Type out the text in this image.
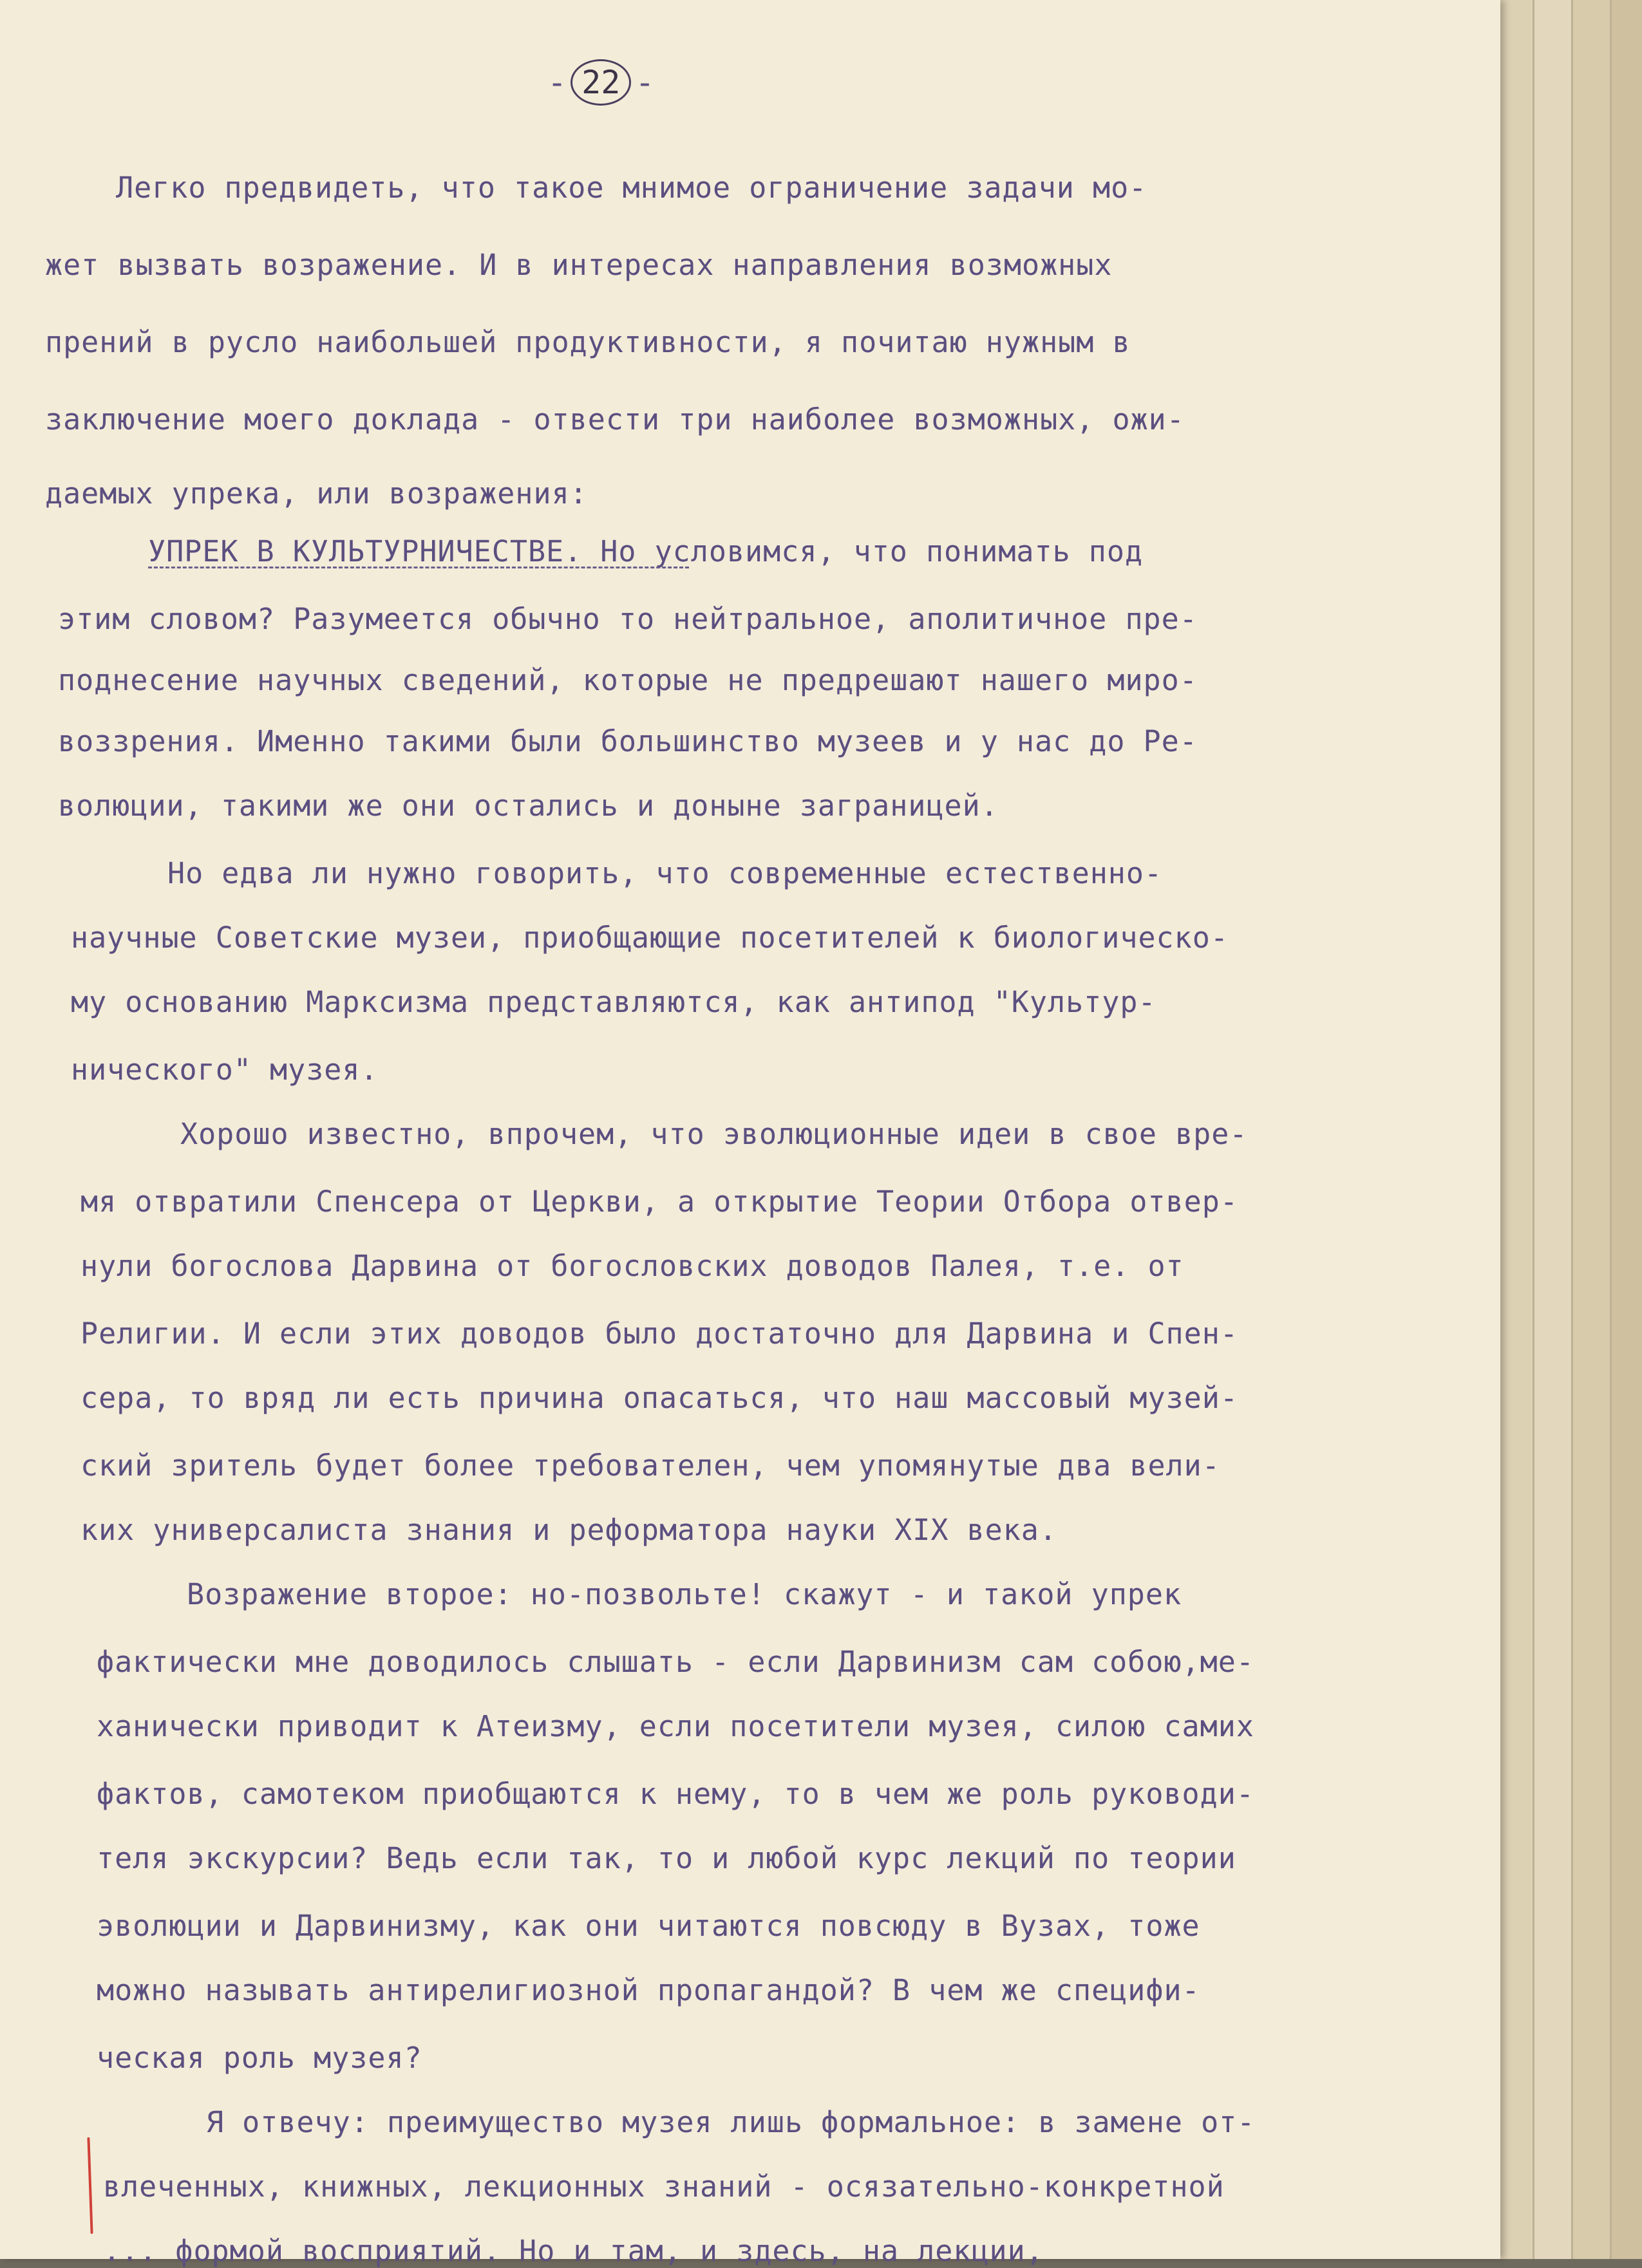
- 22 -
Легко предвидеть, что такое мнимое ограничение задачи мо-
жет вызвать возражение. И в интересах направления возможных
прений в русло наибольшей продуктивности, я почитаю нужным в
заключение моего доклада - отвести три наиболее возможных, ожи-
даемых упрека, или возражения:
УПРЕК В КУЛЬТУРНИЧЕСТВЕ. Но условимся, что понимать под
этим словом? Разумеется обычно то нейтральное, аполитичное пре-
поднесение научных сведений, которые не предрешают нашего миро-
воззрения. Именно такими были большинство музеев и у нас до Ре-
волюции, такими же они остались и доныне заграницей.
Но едва ли нужно говорить, что современные естественно-
научные Советские музеи, приобщающие посетителей к биологическо-
му основанию Марксизма представляются, как антипод "Культур-
нического" музея.
Хорошо известно, впрочем, что эволюционные идеи в свое вре-
мя отвратили Спенсера от Церкви, а открытие Теории Отбора отвер-
нули богослова Дарвина от богословских доводов Палея, т.е. от
Религии. И если этих доводов было достаточно для Дарвина и Спен-
сера, то вряд ли есть причина опасаться, что наш массовый музей-
ский зритель будет более требователен, чем упомянутые два вели-
ких универсалиста знания и реформатора науки XIX века.
Возражение второе: но-позвольте! скажут - и такой упрек
фактически мне доводилось слышать - если Дарвинизм сам собою,ме-
ханически приводит к Атеизму, если посетители музея, силою самих
фактов, самотеком приобщаются к нему, то в чем же роль руководи-
теля экскурсии? Ведь если так, то и любой курс лекций по теории
эволюции и Дарвинизму, как они читаются повсюду в Вузах, тоже
можно называть антирелигиозной пропагандой? В чем же специфи-
ческая роль музея?
Я отвечу: преимущество музея лишь формальное: в замене от-
влеченных, книжных, лекционных знаний - осязательно-конкретной
... формой восприятий. Но и там, и здесь, на лекции,
